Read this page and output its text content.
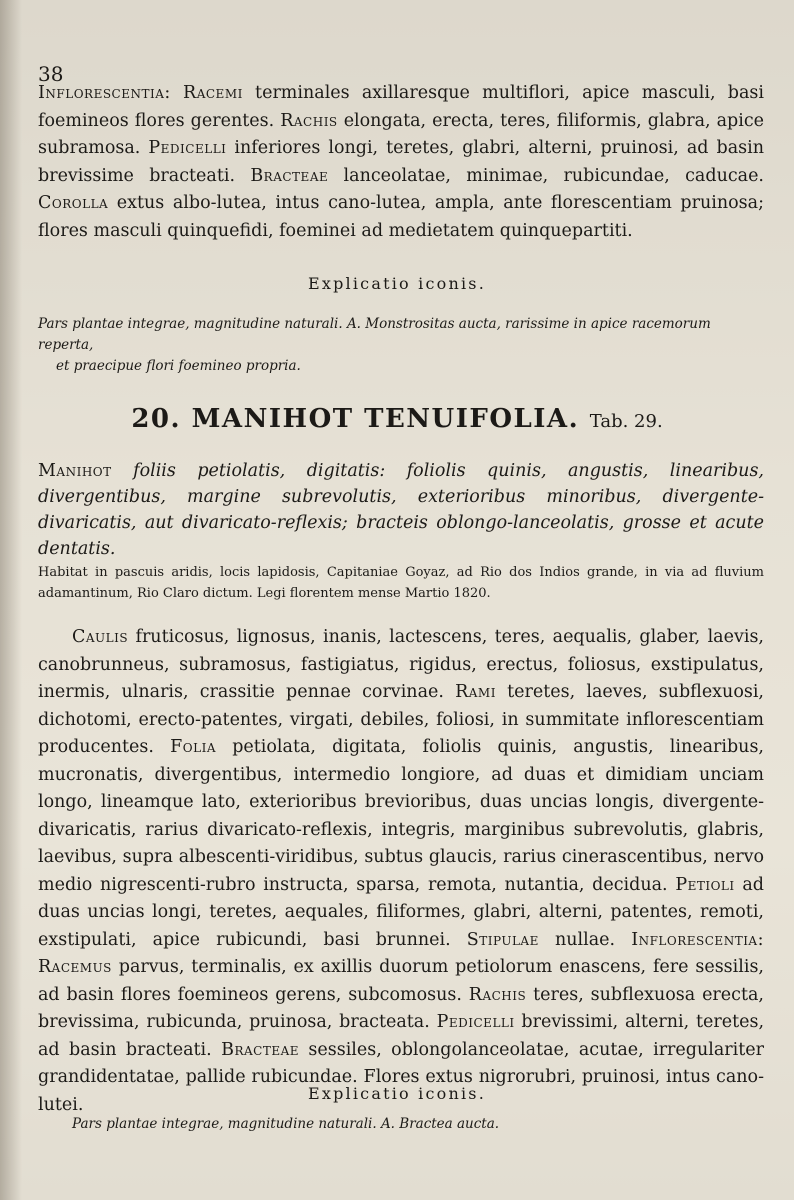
38
Inflorescentia: Racemi terminales axillaresque multiflori, apice masculi, basi foemineos flores gerentes. Rachis elongata, erecta, teres, filiformis, glabra, apice subramosa. Pedicelli inferiores longi, teretes, glabri, alterni, pruinosi, ad basin brevissime bracteati. Bracteae lanceolatae, minimae, rubicundae, caducae. Corolla extus albo-lutea, intus cano-lutea, ampla, ante florescentiam pruinosa; flores masculi quinquefidi, foeminei ad medietatem quinquepartiti.
Explicatio iconis.
Pars plantae integrae, magnitudine naturali. A. Monstrositas aucta, rarissime in apice racemorum reperta,
et praecipue flori foemineo propria.
20. MANIHOT TENUIFOLIA. Tab. 29.
Manihot foliis petiolatis, digitatis: foliolis quinis, angustis, linearibus, divergentibus, margine subrevolutis, exterioribus minoribus, divergente-divaricatis, aut divaricato-reflexis; bracteis oblongo-lanceolatis, grosse et acute dentatis.
Habitat in pascuis aridis, locis lapidosis, Capitaniae Goyaz, ad Rio dos Indios grande, in via ad fluvium adamantinum, Rio Claro dictum. Legi florentem mense Martio 1820.
Caulis fruticosus, lignosus, inanis, lactescens, teres, aequalis, glaber, laevis, canobrunneus, subramosus, fastigiatus, rigidus, erectus, foliosus, exstipulatus, inermis, ulnaris, crassitie pennae corvinae. Rami teretes, laeves, subflexuosi, dichotomi, erecto-patentes, virgati, debiles, foliosi, in summitate inflorescentiam producentes. Folia petiolata, digitata, foliolis quinis, angustis, linearibus, mucronatis, divergentibus, intermedio longiore, ad duas et dimidiam unciam longo, lineamque lato, exterioribus brevioribus, duas uncias longis, divergente-divaricatis, rarius divaricato-reflexis, integris, marginibus subrevolutis, glabris, laevibus, supra albescenti-viridibus, subtus glaucis, rarius cinerascentibus, nervo medio nigrescenti-rubro instructa, sparsa, remota, nutantia, decidua. Petioli ad duas uncias longi, teretes, aequales, filiformes, glabri, alterni, patentes, remoti, exstipulati, apice rubicundi, basi brunnei. Stipulae nullae. Inflorescentia: Racemus parvus, terminalis, ex axillis duorum petiolorum enascens, fere sessilis, ad basin flores foemineos gerens, subcomosus. Rachis teres, subflexuosa erecta, brevissima, rubicunda, pruinosa, bracteata. Pedicelli brevissimi, alterni, teretes, ad basin bracteati. Bracteae sessiles, oblongolanceolatae, acutae, irregulariter grandidentatae, pallide rubicundae. Flores extus nigrorubri, pruinosi, intus cano-lutei.
Explicatio iconis.
Pars plantae integrae, magnitudine naturali. A. Bractea aucta.
